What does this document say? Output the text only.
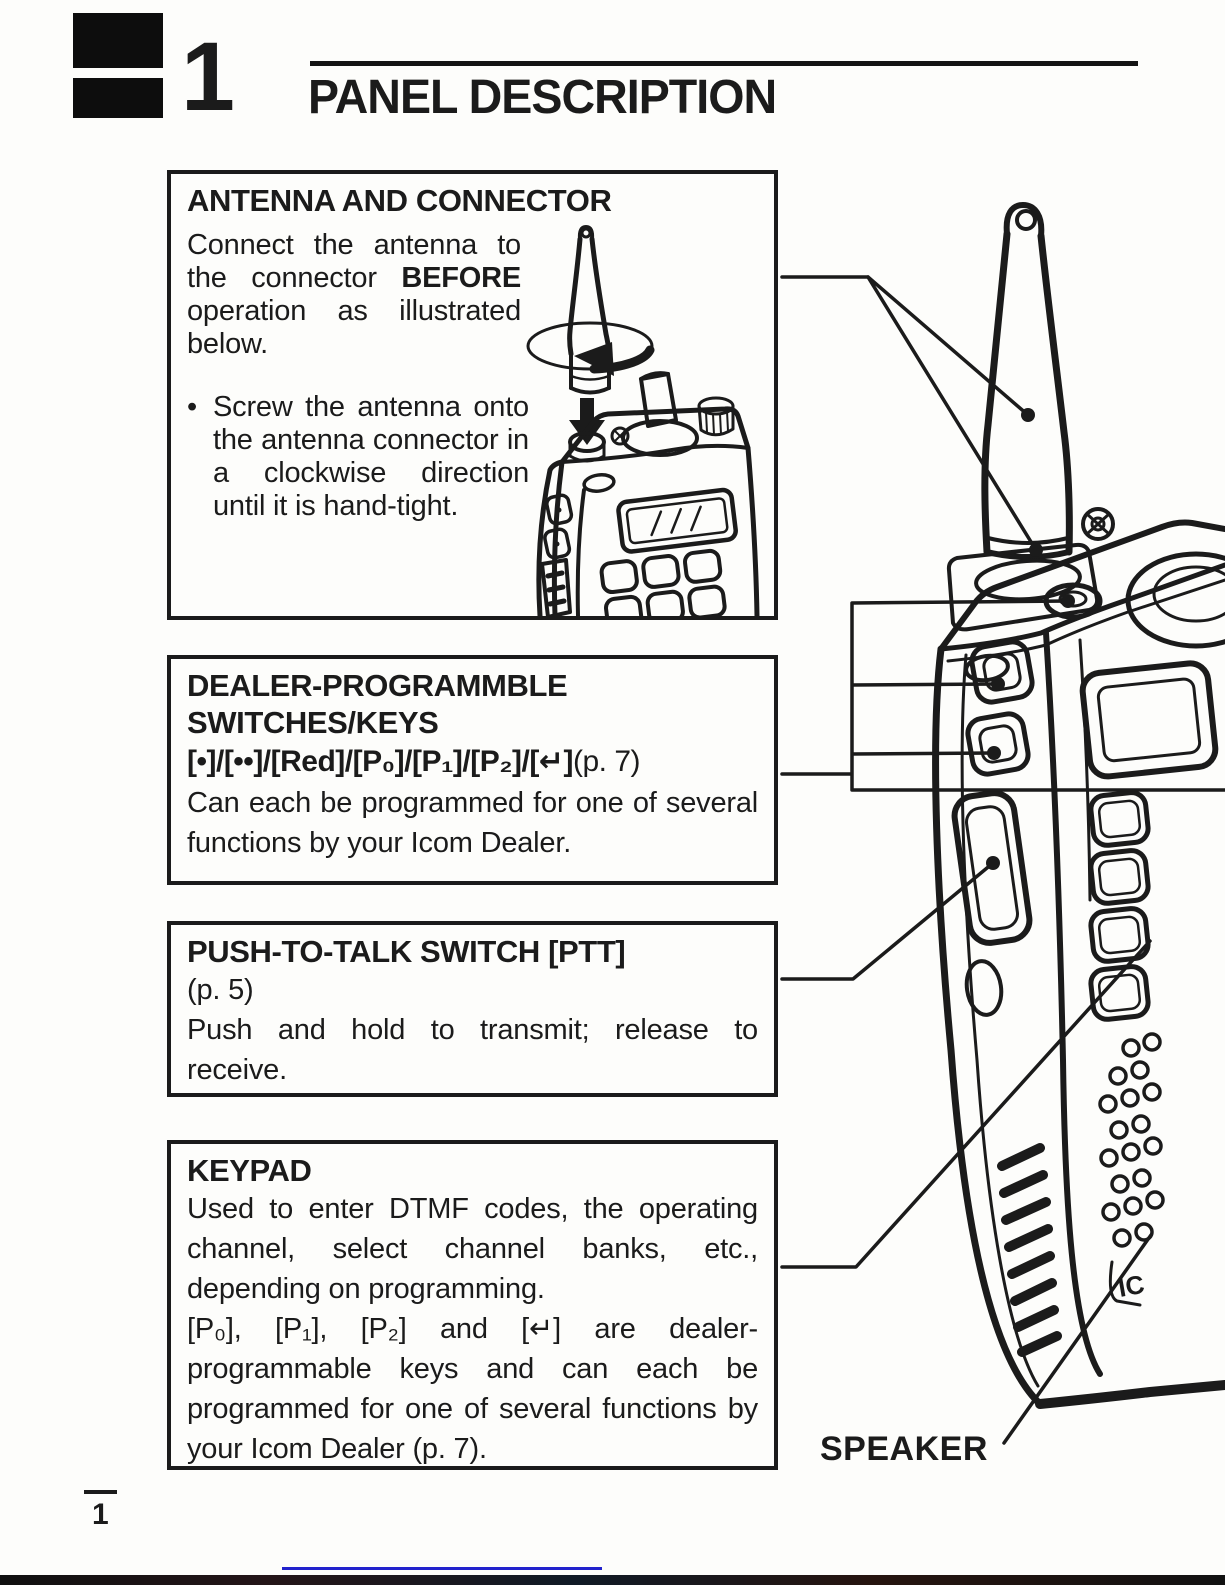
1 PANEL DESCRIPTION
ANTENNA AND CONNECTOR

Connect the antenna to the connector BEFORE operation as illustrated below.

• Screw the antenna onto the antenna connector in a clockwise direction until it is hand-tight.
DEALER-PROGRAMMBLE SWITCHES/KEYS
[•]/[••]/[Red]/[P₀]/[P₁]/[P₂]/[↵](p. 7)
Can each be programmed for one of several functions by your Icom Dealer.
PUSH-TO-TALK SWITCH [PTT]
(p. 5)
Push and hold to transmit; release to receive.
KEYPAD
Used to enter DTMF codes, the operating channel, select channel banks, etc., depending on programming.
[P₀], [P₁], [P₂] and [↵] are dealer-programmable keys and can each be programmed for one of several functions by your Icom Dealer (p. 7).
IC
SPEAKER
1
